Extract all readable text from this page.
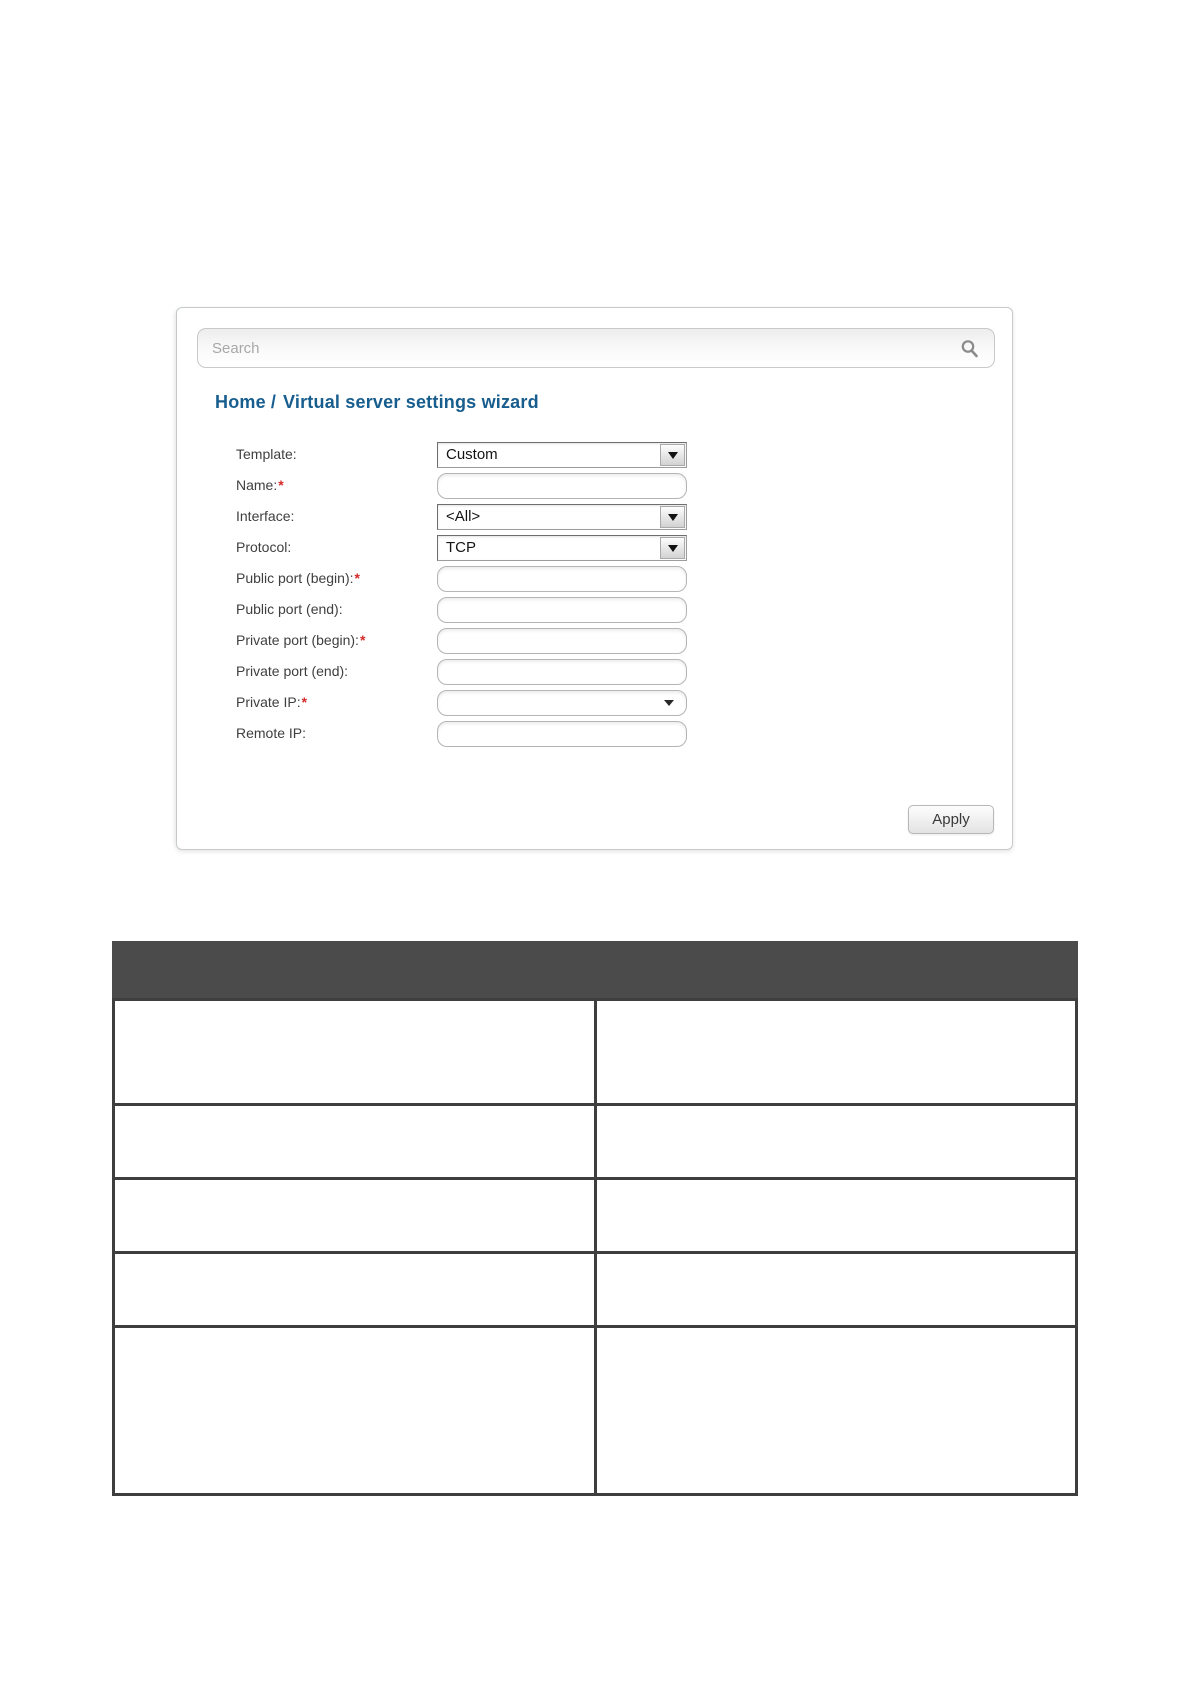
Search
Home / Virtual server settings wizard
Template:	Custom
Name:*
Interface:	<All>
Protocol:	TCP
Public port (begin):*
Public port (end):
Private port (begin):*
Private port (end):
Private IP:*
Remote IP:
Apply
